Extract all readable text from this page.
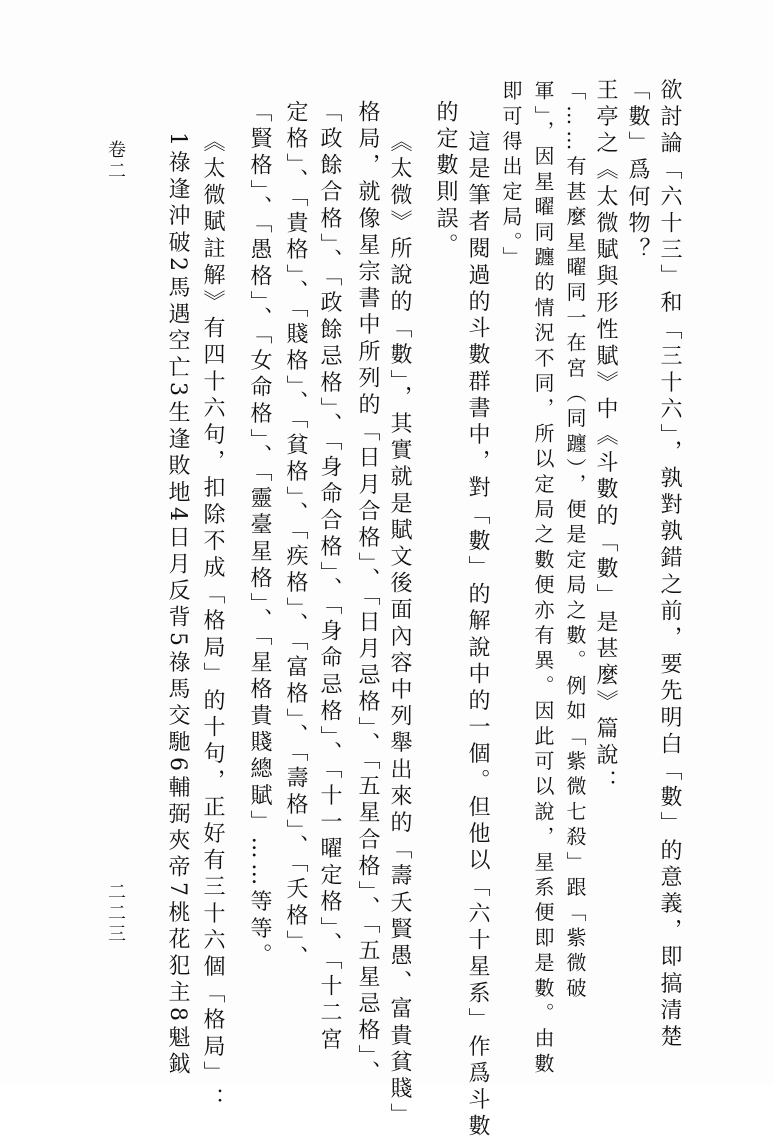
欲討論「六十三」和「三十六」，孰對孰錯之前，要先明白「數」的意義，即搞清楚
「數」爲何物？
王亭之《太微賦與形性賦》中《斗數的「數」是甚麼》篇說：
「……有甚麼星曜同一在宮（同躔），便是定局之數。例如「紫微七殺」跟「紫微破
軍」，因星曜同躔的情況不同，所以定局之數便亦有異。因此可以說，星系便即是數。由數
即可得出定局。」
這是筆者閱過的斗數群書中，對「數」的解說中的一個。但他以「六十星系」作爲斗數
的定數則誤。
《太微》所說的「數」，其實就是賦文後面內容中列舉出來的「壽夭賢愚、富貴貧賤」
格局，就像星宗書中所列的「日月合格」、「日月忌格」、「五星合格」、「五星忌格」、
「政餘合格」、「政餘忌格」、「身命合格」、「身命忌格」、「十一曜定格」、「十二宮
定格」、「貴格」、「賤格」、「貧格」、「疾格」、「富格」、「壽格」、「夭格」、
「賢格」、「愚格」、「女命格」、「靈臺星格」、「星格貴賤總賦」……等等。
《太微賦註解》有四十六句，扣除不成「格局」的十句，正好有三十六個「格局」：
1祿逢沖破2馬遇空亡3生逢敗地4日月反背5祿馬交馳6輔弼夾帝7桃花犯主8魁鉞
卷二
二二三
